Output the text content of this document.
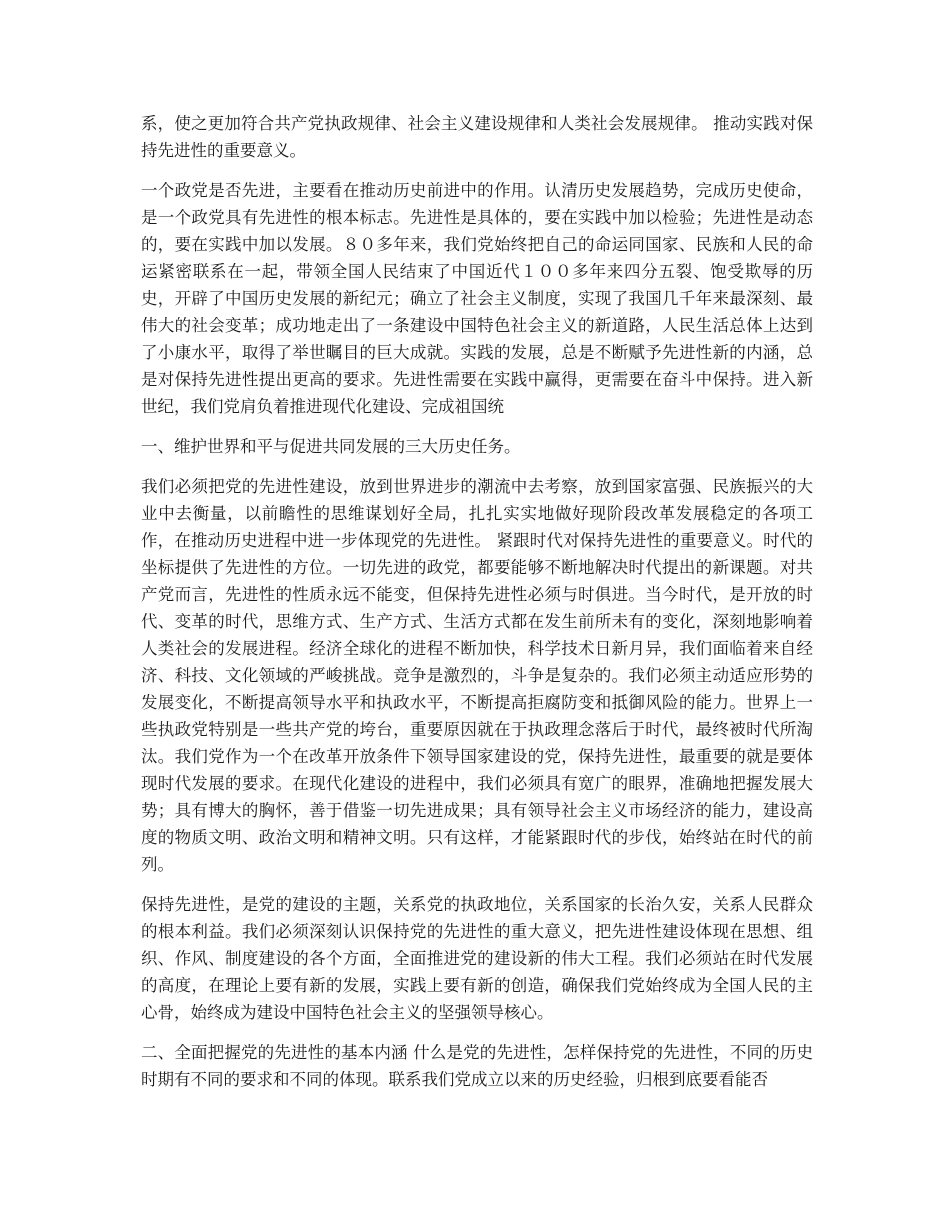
系，使之更加符合共产党执政规律、社会主义建设规律和人类社会发展规律。 推动实践对保持先进性的重要意义。

一个政党是否先进，主要看在推动历史前进中的作用。认清历史发展趋势，完成历史使命，是一个政党具有先进性的根本标志。先进性是具体的，要在实践中加以检验；先进性是动态的，要在实践中加以发展。８０多年来，我们党始终把自己的命运同国家、民族和人民的命运紧密联系在一起，带领全国人民结束了中国近代１００多年来四分五裂、饱受欺辱的历史，开辟了中国历史发展的新纪元；确立了社会主义制度，实现了我国几千年来最深刻、最伟大的社会变革；成功地走出了一条建设中国特色社会主义的新道路，人民生活总体上达到了小康水平，取得了举世瞩目的巨大成就。实践的发展，总是不断赋予先进性新的内涵，总是对保持先进性提出更高的要求。先进性需要在实践中赢得，更需要在奋斗中保持。进入新世纪，我们党肩负着推进现代化建设、完成祖国统

一、维护世界和平与促进共同发展的三大历史任务。

我们必须把党的先进性建设，放到世界进步的潮流中去考察，放到国家富强、民族振兴的大业中去衡量，以前瞻性的思维谋划好全局，扎扎实实地做好现阶段改革发展稳定的各项工作，在推动历史进程中进一步体现党的先进性。 紧跟时代对保持先进性的重要意义。时代的坐标提供了先进性的方位。一切先进的政党，都要能够不断地解决时代提出的新课题。对共产党而言，先进性的性质永远不能变，但保持先进性必须与时俱进。当今时代，是开放的时代、变革的时代，思维方式、生产方式、生活方式都在发生前所未有的变化，深刻地影响着人类社会的发展进程。经济全球化的进程不断加快，科学技术日新月异，我们面临着来自经济、科技、文化领域的严峻挑战。竞争是激烈的，斗争是复杂的。我们必须主动适应形势的发展变化，不断提高领导水平和执政水平，不断提高拒腐防变和抵御风险的能力。世界上一些执政党特别是一些共产党的垮台，重要原因就在于执政理念落后于时代，最终被时代所淘汰。我们党作为一个在改革开放条件下领导国家建设的党，保持先进性，最重要的就是要体现时代发展的要求。在现代化建设的进程中，我们必须具有宽广的眼界，准确地把握发展大势；具有博大的胸怀，善于借鉴一切先进成果；具有领导社会主义市场经济的能力，建设高度的物质文明、政治文明和精神文明。只有这样，才能紧跟时代的步伐，始终站在时代的前列。

保持先进性，是党的建设的主题，关系党的执政地位，关系国家的长治久安，关系人民群众的根本利益。我们必须深刻认识保持党的先进性的重大意义，把先进性建设体现在思想、组织、作风、制度建设的各个方面，全面推进党的建设新的伟大工程。我们必须站在时代发展的高度，在理论上要有新的发展，实践上要有新的创造，确保我们党始终成为全国人民的主心骨，始终成为建设中国特色社会主义的坚强领导核心。

二、全面把握党的先进性的基本内涵 什么是党的先进性，怎样保持党的先进性，不同的历史时期有不同的要求和不同的体现。联系我们党成立以来的历史经验，归根到底要看能否
